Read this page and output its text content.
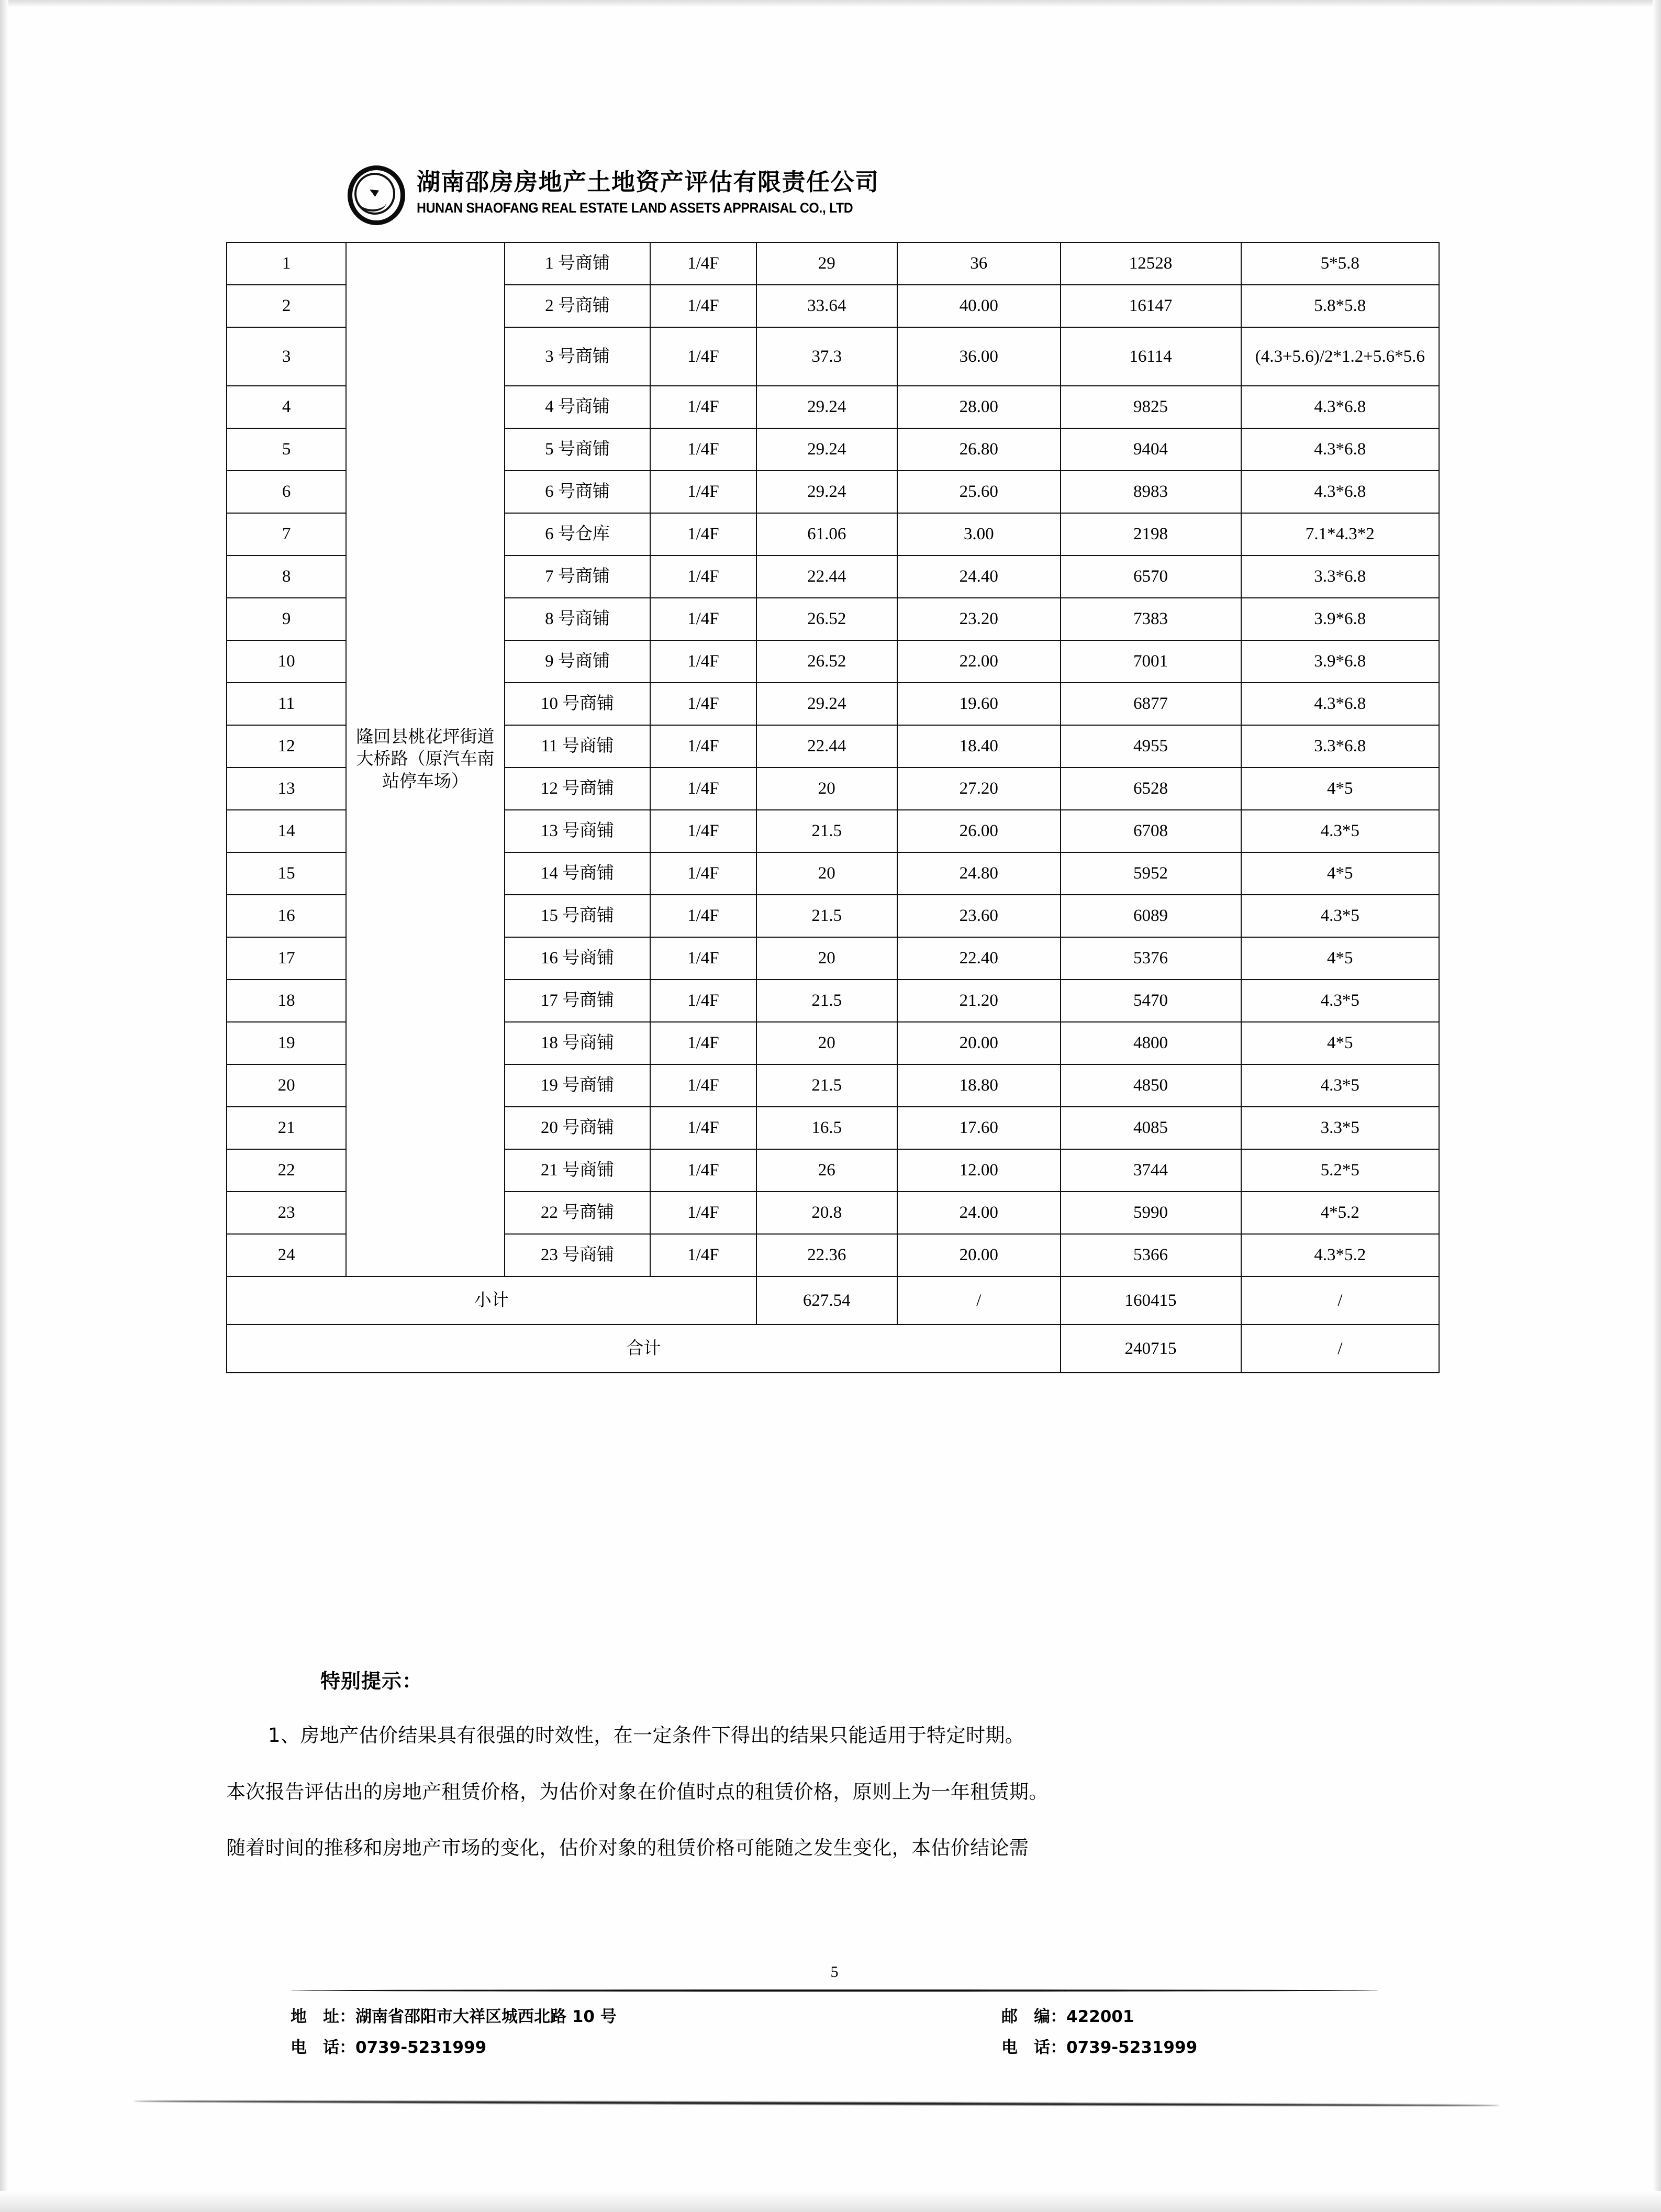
湖南邵房房地产土地资产评估有限责任公司
HUNAN SHAOFANG REAL ESTATE LAND ASSETS APPRAISAL CO., LTD
1	隆回县桃花坪街道大桥路（原汽车南站停车场）	1 号商铺	1/4F	29	36	12528	5*5.8
2		2 号商铺	1/4F	33.64	40.00	16147	5.8*5.8
3		3 号商铺	1/4F	37.3	36.00	16114	(4.3+5.6)/2*1.2+5.6*5.6
4		4 号商铺	1/4F	29.24	28.00	9825	4.3*6.8
5		5 号商铺	1/4F	29.24	26.80	9404	4.3*6.8
6		6 号商铺	1/4F	29.24	25.60	8983	4.3*6.8
7		6 号仓库	1/4F	61.06	3.00	2198	7.1*4.3*2
8		7 号商铺	1/4F	22.44	24.40	6570	3.3*6.8
9		8 号商铺	1/4F	26.52	23.20	7383	3.9*6.8
10		9 号商铺	1/4F	26.52	22.00	7001	3.9*6.8
11		10 号商铺	1/4F	29.24	19.60	6877	4.3*6.8
12		11 号商铺	1/4F	22.44	18.40	4955	3.3*6.8
13		12 号商铺	1/4F	20	27.20	6528	4*5
14		13 号商铺	1/4F	21.5	26.00	6708	4.3*5
15		14 号商铺	1/4F	20	24.80	5952	4*5
16		15 号商铺	1/4F	21.5	23.60	6089	4.3*5
17		16 号商铺	1/4F	20	22.40	5376	4*5
18		17 号商铺	1/4F	21.5	21.20	5470	4.3*5
19		18 号商铺	1/4F	20	20.00	4800	4*5
20		19 号商铺	1/4F	21.5	18.80	4850	4.3*5
21		20 号商铺	1/4F	16.5	17.60	4085	3.3*5
22		21 号商铺	1/4F	26	12.00	3744	5.2*5
23		22 号商铺	1/4F	20.8	24.00	5990	4*5.2
24		23 号商铺	1/4F	22.36	20.00	5366	4.3*5.2
小计				627.54	/	160415	/
合计						240715	/
特别提示：
1、房地产估价结果具有很强的时效性，在一定条件下得出的结果只能适用于特定时期。
本次报告评估出的房地产租赁价格，为估价对象在价值时点的租赁价格，原则上为一年租赁期。
随着时间的推移和房地产市场的变化，估价对象的租赁价格可能随之发生变化，本估价结论需
5
地　址：湖南省邵阳市大祥区城西北路 10 号	邮　编：422001
电　话：0739-5231999	电　话：0739-5231999
